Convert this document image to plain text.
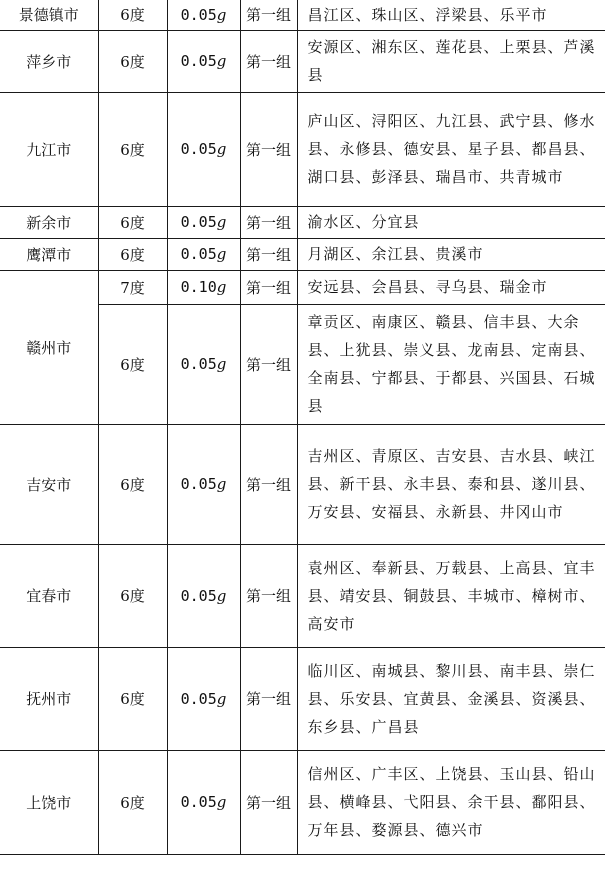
景德镇市	6度	0.05g	第一组	昌江区、珠山区、浮梁县、乐平市
萍乡市	6度	0.05g	第一组	安源区、湘东区、莲花县、上栗县、芦溪县
九江市	6度	0.05g	第一组	庐山区、浔阳区、九江县、武宁县、修水县、永修县、德安县、星子县、都昌县、湖口县、彭泽县、瑞昌市、共青城市
新余市	6度	0.05g	第一组	渝水区、分宜县
鹰潭市	6度	0.05g	第一组	月湖区、余江县、贵溪市
赣州市	7度	0.10g	第一组	安远县、会昌县、寻乌县、瑞金市
	6度	0.05g	第一组	章贡区、南康区、赣县、信丰县、大余县、上犹县、崇义县、龙南县、定南县、全南县、宁都县、于都县、兴国县、石城县
吉安市	6度	0.05g	第一组	吉州区、青原区、吉安县、吉水县、峡江县、新干县、永丰县、泰和县、遂川县、万安县、安福县、永新县、井冈山市
宜春市	6度	0.05g	第一组	袁州区、奉新县、万载县、上高县、宜丰县、靖安县、铜鼓县、丰城市、樟树市、高安市
抚州市	6度	0.05g	第一组	临川区、南城县、黎川县、南丰县、崇仁县、乐安县、宜黄县、金溪县、资溪县、东乡县、广昌县
上饶市	6度	0.05g	第一组	信州区、广丰区、上饶县、玉山县、铅山县、横峰县、弋阳县、余干县、鄱阳县、万年县、婺源县、德兴市
